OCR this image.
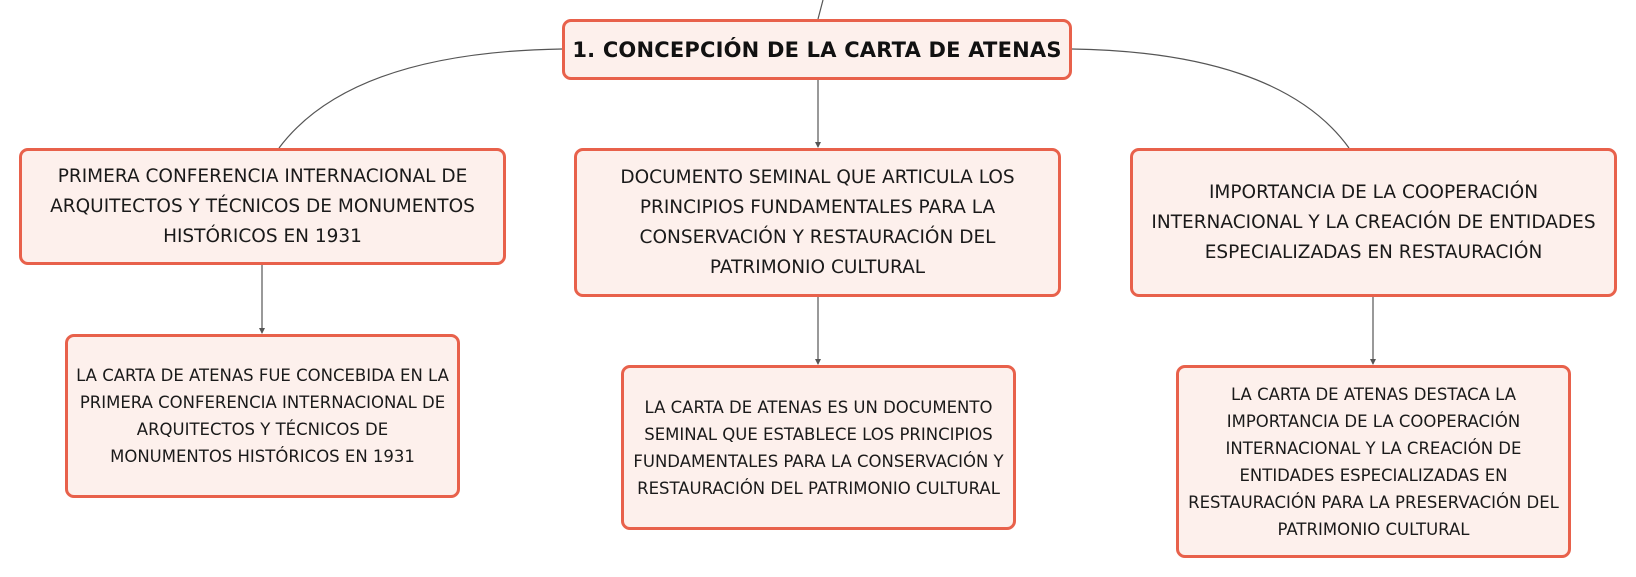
1. CONCEPCIÓN DE LA CARTA DE ATENAS
PRIMERA CONFERENCIA INTERNACIONAL DE ARQUITECTOS Y TÉCNICOS DE MONUMENTOS HISTÓRICOS EN 1931
DOCUMENTO SEMINAL QUE ARTICULA LOS PRINCIPIOS FUNDAMENTALES PARA LA CONSERVACIÓN Y RESTAURACIÓN DEL PATRIMONIO CULTURAL
IMPORTANCIA DE LA COOPERACIÓN INTERNACIONAL Y LA CREACIÓN DE ENTIDADES ESPECIALIZADAS EN RESTAURACIÓN
LA CARTA DE ATENAS FUE CONCEBIDA EN LA PRIMERA CONFERENCIA INTERNACIONAL DE ARQUITECTOS Y TÉCNICOS DE MONUMENTOS HISTÓRICOS EN 1931
LA CARTA DE ATENAS ES UN DOCUMENTO SEMINAL QUE ESTABLECE LOS PRINCIPIOS FUNDAMENTALES PARA LA CONSERVACIÓN Y RESTAURACIÓN DEL PATRIMONIO CULTURAL
LA CARTA DE ATENAS DESTACA LA IMPORTANCIA DE LA COOPERACIÓN INTERNACIONAL Y LA CREACIÓN DE ENTIDADES ESPECIALIZADAS EN RESTAURACIÓN PARA LA PRESERVACIÓN DEL PATRIMONIO CULTURAL
